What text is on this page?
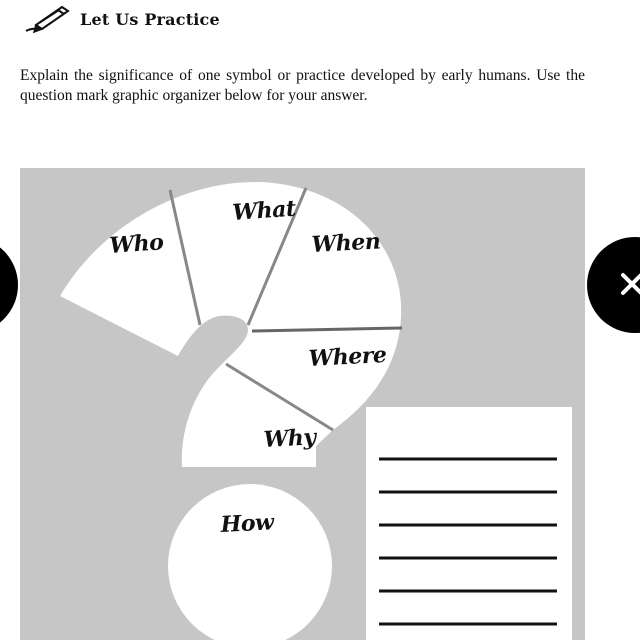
Let Us Practice

Explain the significance of one symbol or practice developed by early humans. Use the question mark graphic organizer below for your answer.

Who
What
When
Where
Why
How
